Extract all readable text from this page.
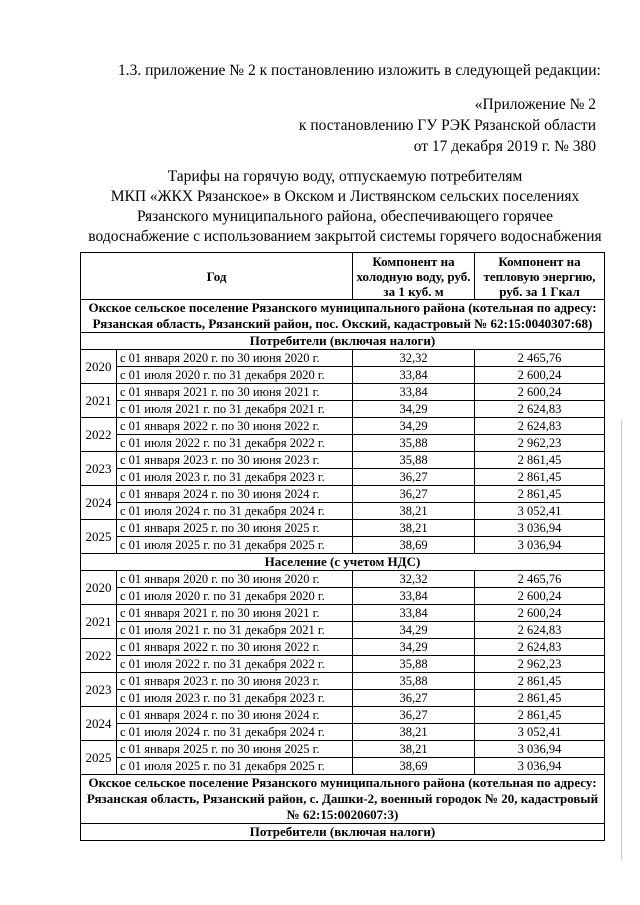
1.3. приложение № 2 к постановлению изложить в следующей редакции:
«Приложение № 2
к постановлению ГУ РЭК Рязанской области
от 17 декабря 2019 г. № 380
Тарифы на горячую воду, отпускаемую потребителям
МКП «ЖКХ Рязанское» в Окском и Листвянском сельских поселениях
Рязанского муниципального района, обеспечивающего горячее
водоснабжение с использованием закрытой системы горячего водоснабжения
Год		Компонент на холодную воду, руб. за 1 куб. м	Компонент на тепловую энергию, руб. за 1 Гкал
Окское сельское поселение Рязанского муниципального района (котельная по адресу: Рязанская область, Рязанский район, пос. Окский, кадастровый № 62:15:0040307:68)			
Потребители (включая налоги)			
2020	с 01 января 2020 г. по 30 июня 2020 г.	32,32	2 465,76
	с 01 июля 2020 г. по 31 декабря 2020 г.	33,84	2 600,24
2021	с 01 января 2021 г. по 30 июня 2021 г.	33,84	2 600,24
	с 01 июля 2021 г. по 31 декабря 2021 г.	34,29	2 624,83
2022	с 01 января 2022 г. по 30 июня 2022 г.	34,29	2 624,83
	с 01 июля 2022 г. по 31 декабря 2022 г.	35,88	2 962,23
2023	с 01 января 2023 г. по 30 июня 2023 г.	35,88	2 861,45
	с 01 июля 2023 г. по 31 декабря 2023 г.	36,27	2 861,45
2024	с 01 января 2024 г. по 30 июня 2024 г.	36,27	2 861,45
	с 01 июля 2024 г. по 31 декабря 2024 г.	38,21	3 052,41
2025	с 01 января 2025 г. по 30 июня 2025 г.	38,21	3 036,94
	с 01 июля 2025 г. по 31 декабря 2025 г.	38,69	3 036,94
Население (с учетом НДС)			
2020	с 01 января 2020 г. по 30 июня 2020 г.	32,32	2 465,76
	с 01 июля 2020 г. по 31 декабря 2020 г.	33,84	2 600,24
2021	с 01 января 2021 г. по 30 июня 2021 г.	33,84	2 600,24
	с 01 июля 2021 г. по 31 декабря 2021 г.	34,29	2 624,83
2022	с 01 января 2022 г. по 30 июня 2022 г.	34,29	2 624,83
	с 01 июля 2022 г. по 31 декабря 2022 г.	35,88	2 962,23
2023	с 01 января 2023 г. по 30 июня 2023 г.	35,88	2 861,45
	с 01 июля 2023 г. по 31 декабря 2023 г.	36,27	2 861,45
2024	с 01 января 2024 г. по 30 июня 2024 г.	36,27	2 861,45
	с 01 июля 2024 г. по 31 декабря 2024 г.	38,21	3 052,41
2025	с 01 января 2025 г. по 30 июня 2025 г.	38,21	3 036,94
	с 01 июля 2025 г. по 31 декабря 2025 г.	38,69	3 036,94
Окское сельское поселение Рязанского муниципального района (котельная по адресу: Рязанская область, Рязанский район, с. Дашки-2, военный городок № 20, кадастровый № 62:15:0020607:3)			
Потребители (включая налоги)			
